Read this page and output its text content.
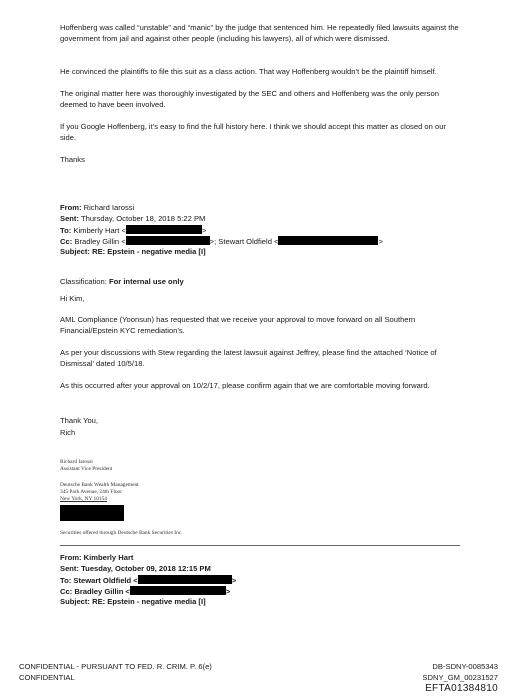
Hoffenberg was called “unstable” and “manic” by the judge that sentenced him. He repeatedly filed lawsuits against the government from jail and against other people (including his lawyers), all of which were dismissed.
He convinced the plaintiffs to file this suit as a class action. That way Hoffenberg wouldn’t be the plaintiff himself.
The original matter here was thoroughly investigated by the SEC and others and Hoffenberg was the only person deemed to have been involved.
If you Google Hoffenberg, it’s easy to find the full history here. I think we should accept this matter as closed on our side.
Thanks
From: Richard Iarossi
Sent: Thursday, October 18, 2018 5:22 PM
To: Kimberly Hart <	>
Cc: Bradley Gillin <	>; Stewart Oldfield <	>
Subject: RE: Epstein - negative media [I]
Classification: For internal use only
Hi Kim,
AML Compliance (Yoonsun) has requested that we receive your approval to move forward on all Southern Financial/Epstein KYC remediation’s.
As per your discussions with Stew regarding the latest lawsuit against Jeffrey, please find the attached ‘Notice of Dismissal’ dated 10/5/18.
As this occurred after your approval on 10/2/17, please confirm again that we are comfortable moving forward.
Thank You,
Rich
Richard Iarossi
Assistant Vice President
Deutsche Bank Wealth Management
345 Park Avenue, 24th Floor
New York, NY 10154
Securities offered through Deutsche Bank Securities Inc.
From: Kimberly Hart
Sent: Tuesday, October 09, 2018 12:15 PM
To: Stewart Oldfield <	>
Cc: Bradley Gillin <	>
Subject: RE: Epstein - negative media [I]
CONFIDENTIAL - PURSUANT TO FED. R. CRIM. P. 6(e)
CONFIDENTIAL
DB-SDNY-0085343
SDNY_GM_00231527
EFTA01384810
